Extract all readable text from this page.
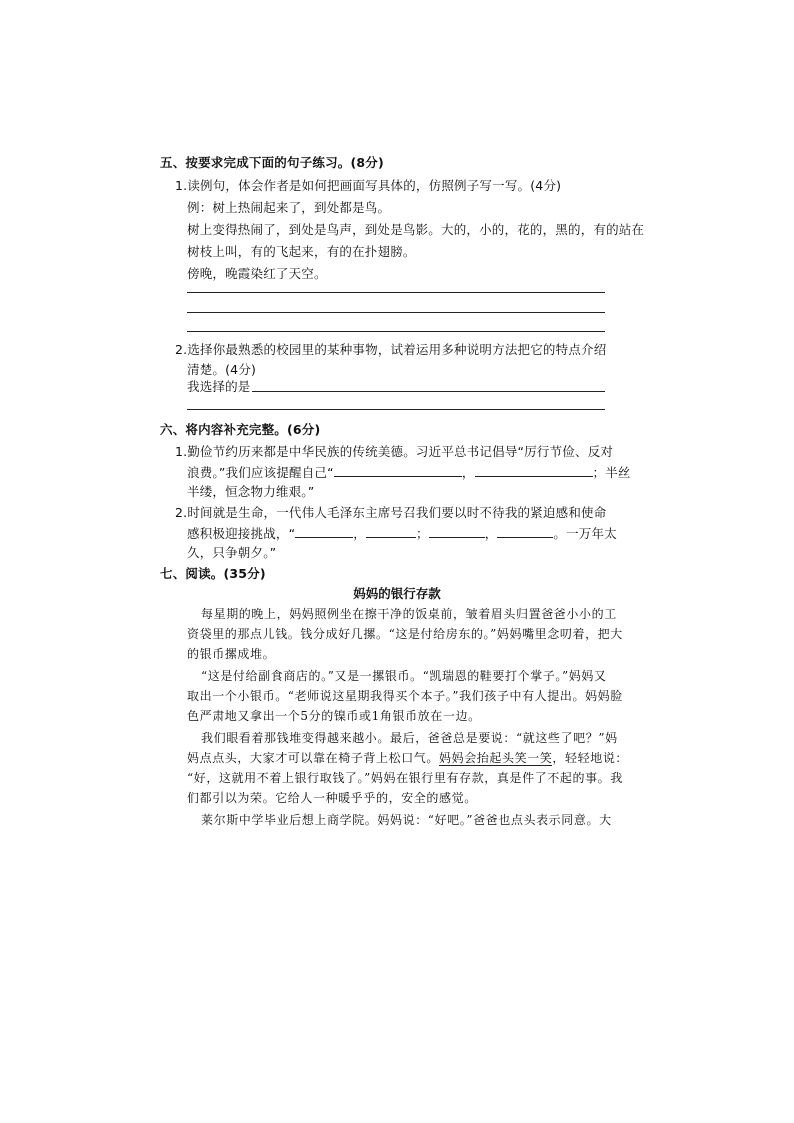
五、按要求完成下面的句子练习。(8分)
1.读例句，体会作者是如何把画面写具体的，仿照例子写一写。(4分)
例：树上热闹起来了，到处都是鸟。
树上变得热闹了，到处是鸟声，到处是鸟影。大的，小的，花的，黑的，有的站在
树枝上叫，有的飞起来，有的在扑翅膀。
傍晚，晚霞染红了天空。
2.选择你最熟悉的校园里的某种事物，试着运用多种说明方法把它的特点介绍
清楚。(4分)
我选择的是
六、将内容补充完整。(6分)
1.勤俭节约历来都是中华民族的传统美德。习近平总书记倡导“厉行节俭、反对
浪费。”我们应该提醒自己“	，	；半丝
半缕，恒念物力维艰。”
2.时间就是生命，一代伟人毛泽东主席号召我们要以时不待我的紧迫感和使命
感积极迎接挑战，“	，	；	，	。一万年太
久，只争朝夕。”
七、阅读。(35分)
妈妈的银行存款
每星期的晚上，妈妈照例坐在擦干净的饭桌前，皱着眉头归置爸爸小小的工
资袋里的那点儿钱。钱分成好几摞。“这是付给房东的。”妈妈嘴里念叨着，把大
的银币摞成堆。
“这是付给副食商店的。”又是一摞银币。“凯瑞恩的鞋要打个掌子。”妈妈又
取出一个小银币。“老师说这星期我得买个本子。”我们孩子中有人提出。妈妈脸
色严肃地又拿出一个5分的镍币或1角银币放在一边。
我们眼看着那钱堆变得越来越小。最后，爸爸总是要说：“就这些了吧？”妈
妈点点头，大家才可以靠在椅子背上松口气。妈妈会抬起头笑一笑，轻轻地说：
“好，这就用不着上银行取钱了。”妈妈在银行里有存款，真是件了不起的事。我
们都引以为荣。它给人一种暖乎乎的，安全的感觉。
莱尔斯中学毕业后想上商学院。妈妈说：“好吧。”爸爸也点头表示同意。大
